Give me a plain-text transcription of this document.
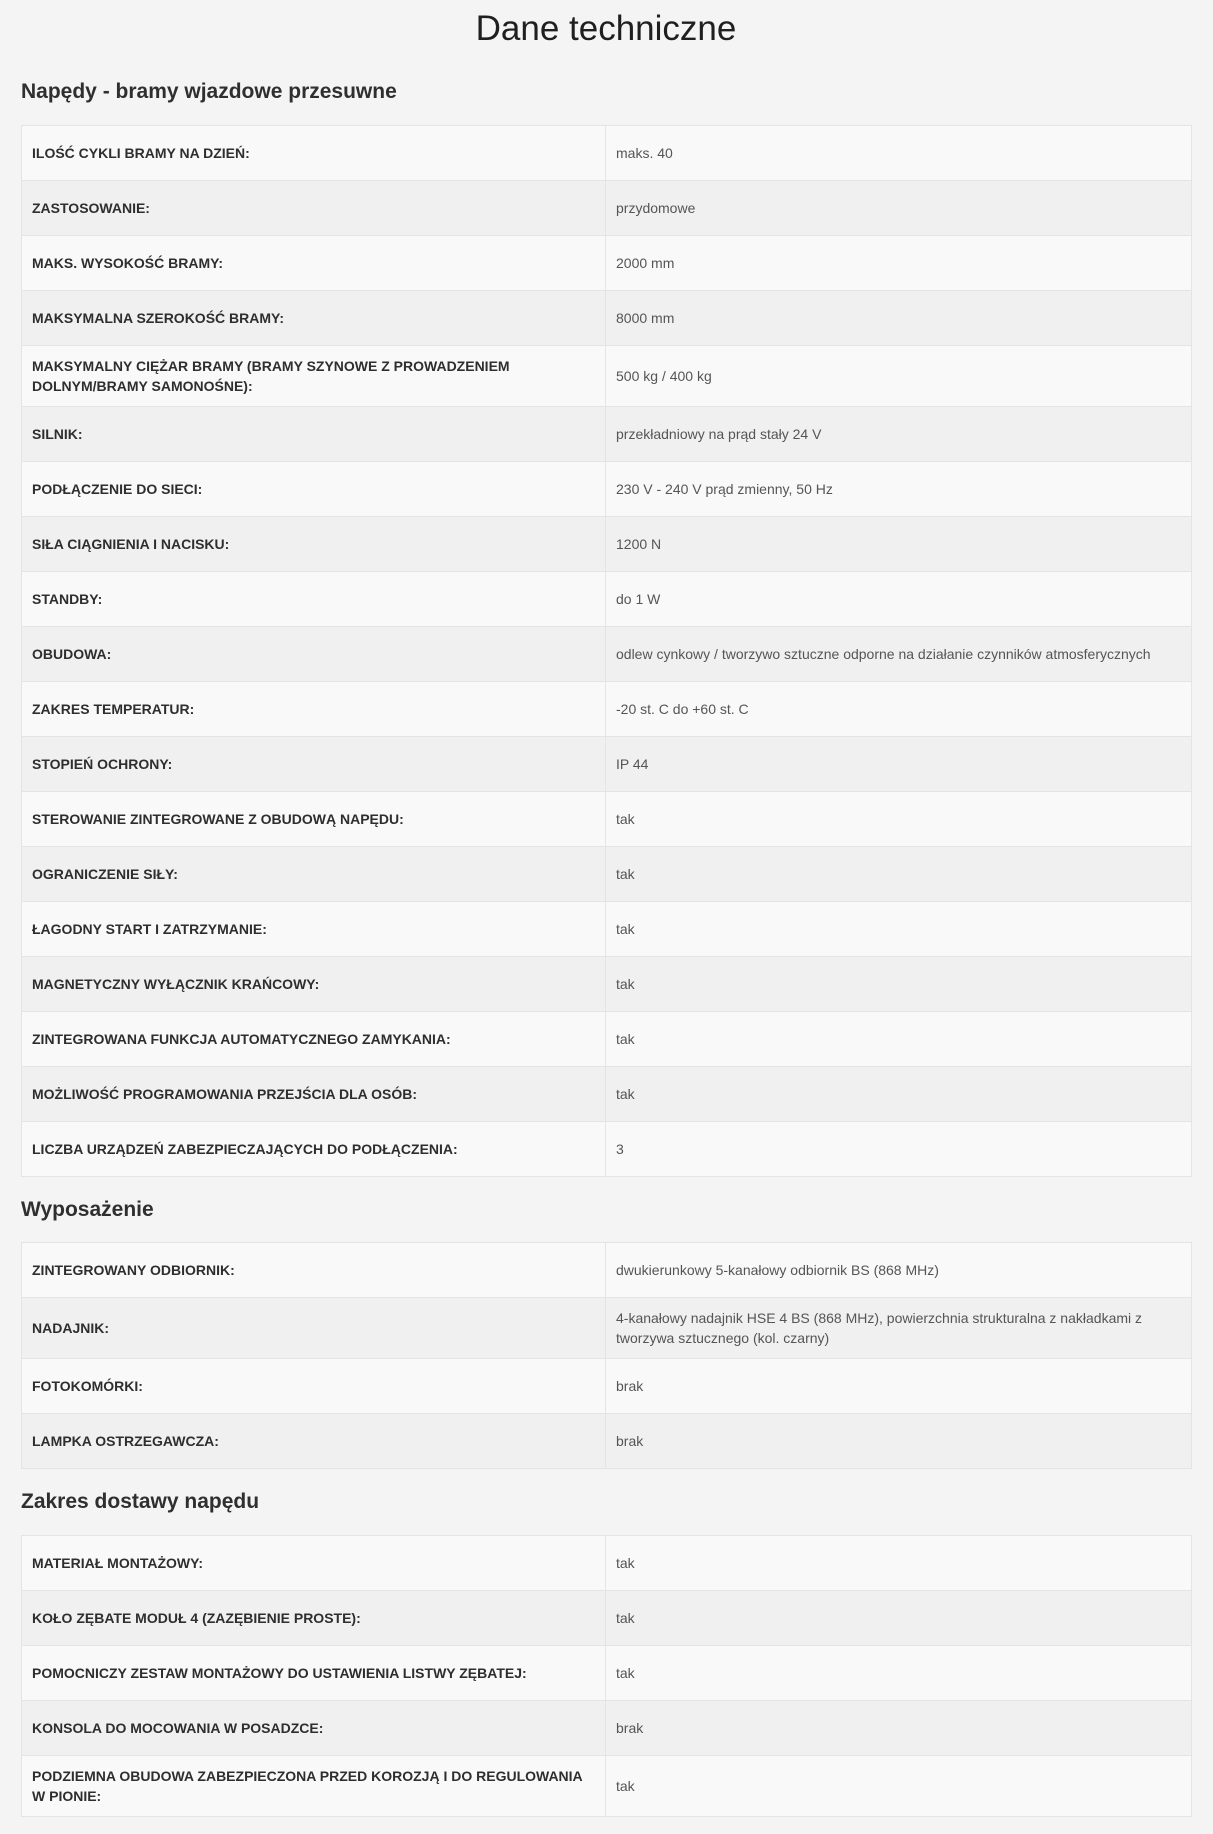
Dane techniczne
Napędy - bramy wjazdowe przesuwne
ILOŚĆ CYKLI BRAMY NA DZIEŃ:	maks. 40
ZASTOSOWANIE:	przydomowe
MAKS. WYSOKOŚĆ BRAMY:	2000 mm
MAKSYMALNA SZEROKOŚĆ BRAMY:	8000 mm
MAKSYMALNY CIĘŻAR BRAMY (BRAMY SZYNOWE Z PROWADZENIEM DOLNYM/BRAMY SAMONOŚNE):	500 kg / 400 kg
SILNIK:	przekładniowy na prąd stały 24 V
PODŁĄCZENIE DO SIECI:	230 V - 240 V prąd zmienny, 50 Hz
SIŁA CIĄGNIENIA I NACISKU:	1200 N
STANDBY:	do 1 W
OBUDOWA:	odlew cynkowy / tworzywo sztuczne odporne na działanie czynników atmosferycznych
ZAKRES TEMPERATUR:	-20 st. C do +60 st. C
STOPIEŃ OCHRONY:	IP 44
STEROWANIE ZINTEGROWANE Z OBUDOWĄ NAPĘDU:	tak
OGRANICZENIE SIŁY:	tak
ŁAGODNY START I ZATRZYMANIE:	tak
MAGNETYCZNY WYŁĄCZNIK KRAŃCOWY:	tak
ZINTEGROWANA FUNKCJA AUTOMATYCZNEGO ZAMYKANIA:	tak
MOŻLIWOŚĆ PROGRAMOWANIA PRZEJŚCIA DLA OSÓB:	tak
LICZBA URZĄDZEŃ ZABEZPIECZAJĄCYCH DO PODŁĄCZENIA:	3
Wyposażenie
ZINTEGROWANY ODBIORNIK:	dwukierunkowy 5-kanałowy odbiornik BS (868 MHz)
NADAJNIK:	4-kanałowy nadajnik HSE 4 BS (868 MHz), powierzchnia strukturalna z nakładkami z tworzywa sztucznego (kol. czarny)
FOTOKOMÓRKI:	brak
LAMPKA OSTRZEGAWCZA:	brak
Zakres dostawy napędu
MATERIAŁ MONTAŻOWY:	tak
KOŁO ZĘBATE MODUŁ 4 (ZAZĘBIENIE PROSTE):	tak
POMOCNICZY ZESTAW MONTAŻOWY DO USTAWIENIA LISTWY ZĘBATEJ:	tak
KONSOLA DO MOCOWANIA W POSADZCE:	brak
PODZIEMNA OBUDOWA ZABEZPIECZONA PRZED KOROZJĄ I DO REGULOWANIA W PIONIE:	tak
